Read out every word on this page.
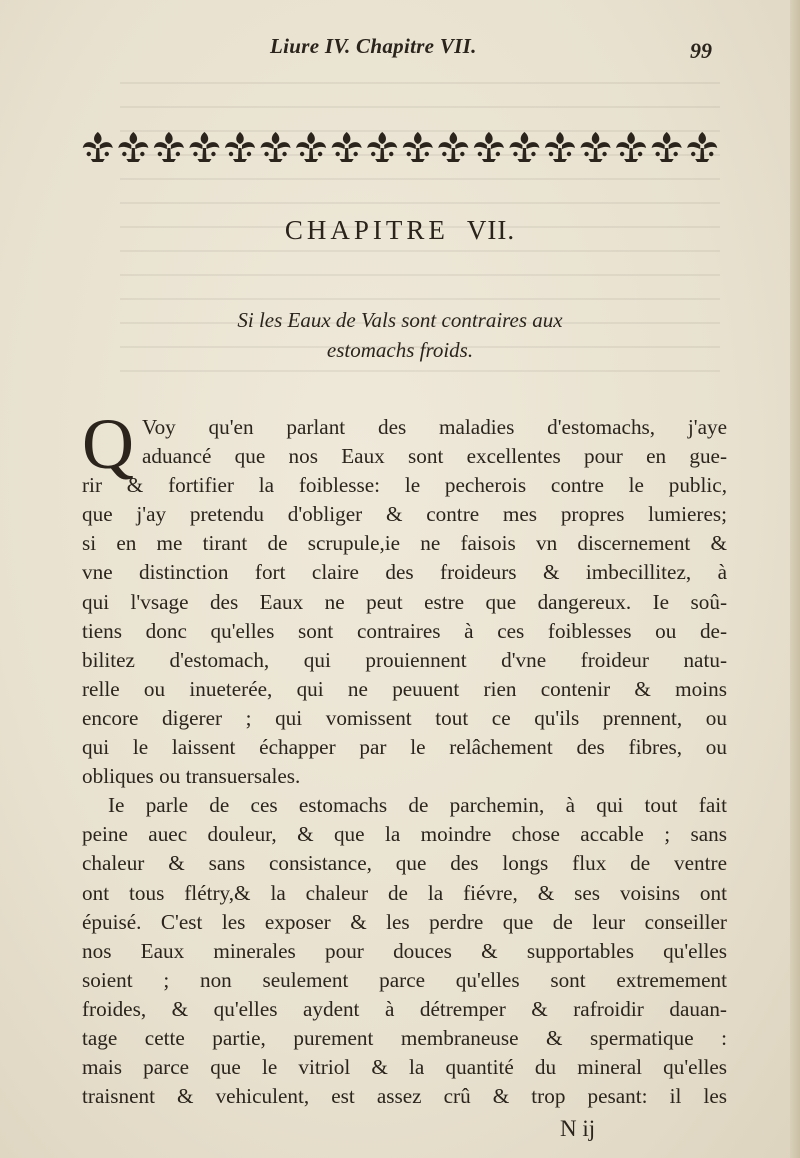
Liure IV. Chapitre VII.	99
CHAPITRE VII.
Si les Eaux de Vals sont contraires aux
estomachs froids.
Q Voy qu'en parlant des maladies d'estomachs, j'aye
aduancé que nos Eaux sont excellentes pour en gue-
rir & fortifier la foiblesse: le pecherois contre le public,
que j'ay pretendu d'obliger & contre mes propres lumieres;
si en me tirant de scrupule,ie ne faisois vn discernement &
vne distinction fort claire des froideurs & imbecillitez, à
qui l'vsage des Eaux ne peut estre que dangereux. Ie soû-
tiens donc qu'elles sont contraires à ces foiblesses ou de-
bilitez d'estomach, qui prouiennent d'vne froideur natu-
relle ou inueterée, qui ne peuuent rien contenir & moins
encore digerer ; qui vomissent tout ce qu'ils prennent, ou
qui le laissent échapper par le relâchement des fibres, ou
obliques ou transuersales.
Ie parle de ces estomachs de parchemin, à qui tout fait
peine auec douleur, & que la moindre chose accable ; sans
chaleur & sans consistance, que des longs flux de ventre
ont tous flétry,& la chaleur de la fiévre, & ses voisins ont
épuisé. C'est les exposer & les perdre que de leur conseiller
nos Eaux minerales pour douces & supportables qu'elles
soient ; non seulement parce qu'elles sont extremement
froides, & qu'elles aydent à détremper & rafroidir dauan-
tage cette partie, purement membraneuse & spermatique :
mais parce que le vitriol & la quantité du mineral qu'elles
traisnent & vehiculent, est assez crû & trop pesant: il les
N ij
